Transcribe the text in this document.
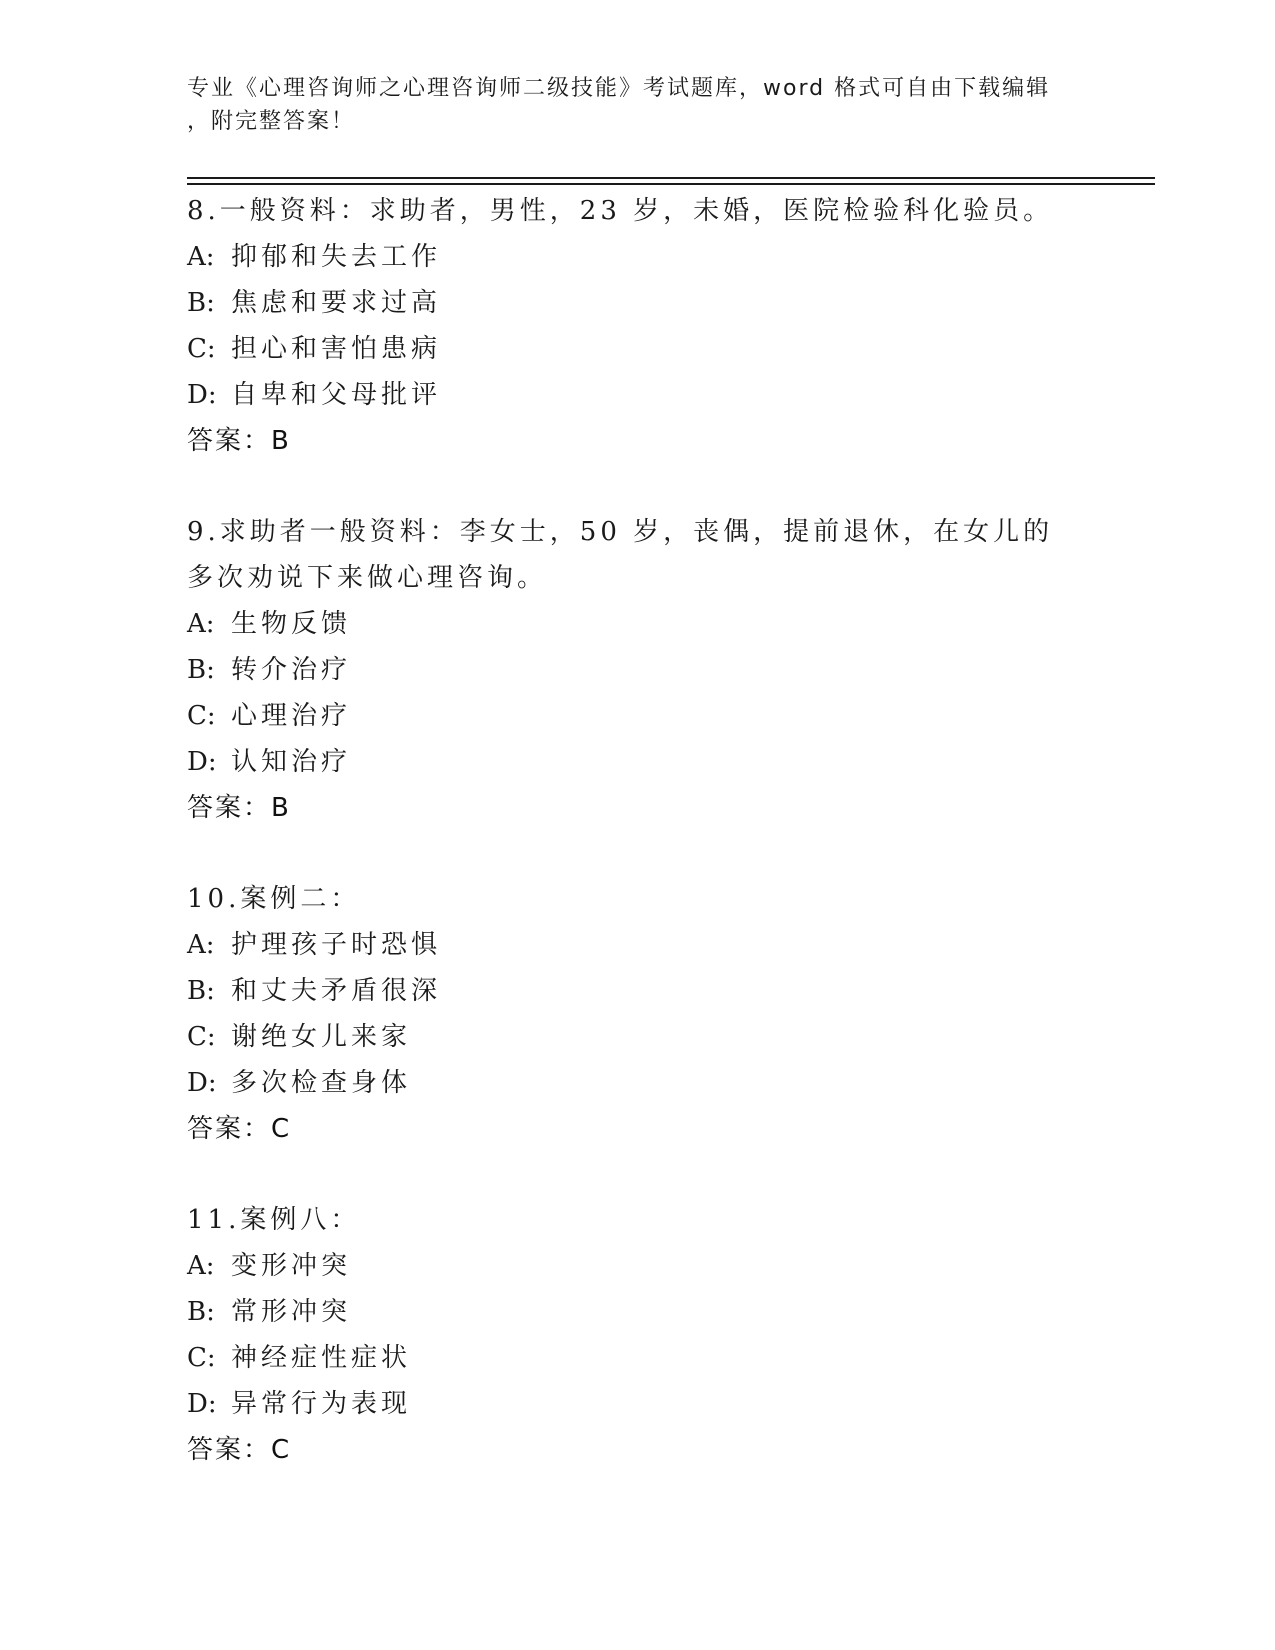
专业《心理咨询师之心理咨询师二级技能》考试题库，word 格式可自由下载编辑
，附完整答案！

8.一般资料：求助者，男性，23 岁，未婚，医院检验科化验员。

A: 抑郁和失去工作

B: 焦虑和要求过高

C: 担心和害怕患病

D: 自卑和父母批评

答案：B

9.求助者一般资料：李女士，50 岁，丧偶，提前退休，在女儿的多次劝说下来做心理咨询。

A: 生物反馈

B: 转介治疗

C: 心理治疗

D: 认知治疗

答案：B

10.案例二：

A: 护理孩子时恐惧

B: 和丈夫矛盾很深

C: 谢绝女儿来家

D: 多次检查身体

答案：C

11.案例八：

A: 变形冲突

B: 常形冲突

C: 神经症性症状

D: 异常行为表现

答案：C
